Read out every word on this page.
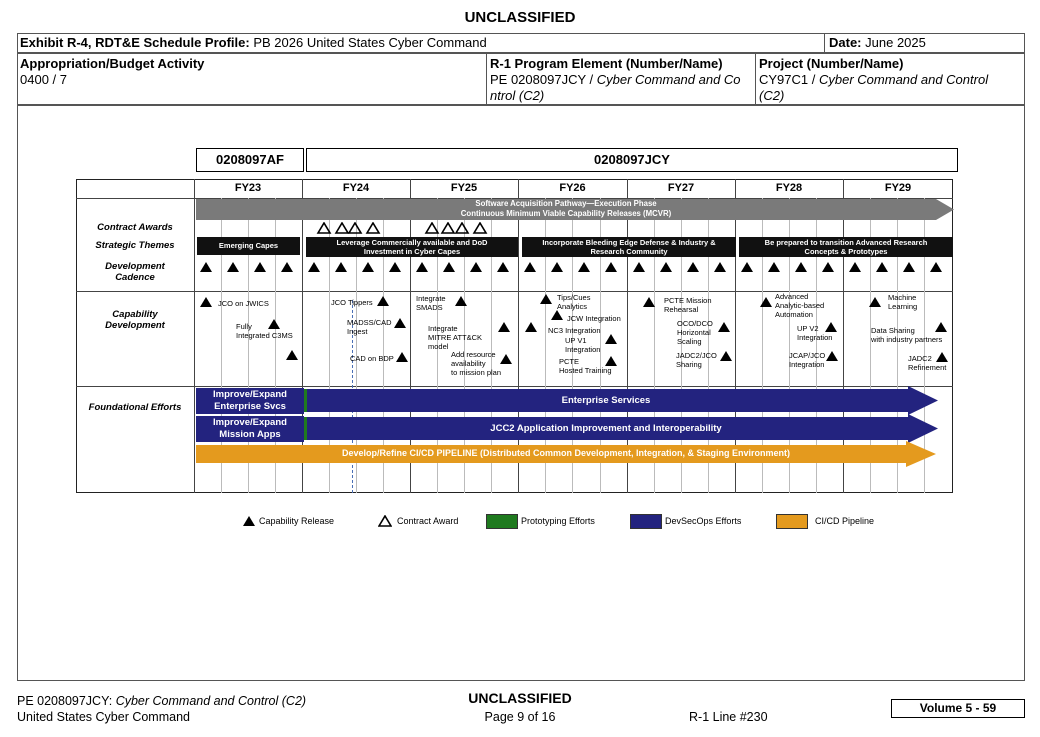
UNCLASSIFIED
Exhibit R-4, RDT&E Schedule Profile: PB 2026 United States Cyber Command	Date: June 2025
Appropriation/Budget Activity
0400 / 7
R-1 Program Element (Number/Name)
PE 0208097JCY / Cyber Command and Co
ntrol (C2)
Project (Number/Name)
CY97C1 / Cyber Command and Control
(C2)
0208097AF	0208097JCY
FY23	FY24	FY25	FY26	FY27	FY28	FY29
Contract Awards
Strategic Themes
Development Cadence
Capability Development
Foundational Efforts
Software Acquisition Pathway—Execution Phase
Continuous Minimum Viable Capability Releases (MCVR)
Emerging Capes	Leverage Commercially available and DoD
Investment in Cyber Capes
Incorporate Bleeding Edge Defense & Industry &
Research Community
Be prepared to transition Advanced Research
Concepts & Prototypes
JCO on JWICS
Fully
Integrated C3MS
JCO Tippers
MADSS/CAD
Ingest
CAD on BDP
Integrate
SMADS
Integrate
MITRE ATT&CK
model
Add resource
availability
to mission plan
Tips/Cues
Analytics
JCW Integration
NC3 Integration
UP V1
Integration
PCTE
Hosted Training
PCTE Mission
Rehearsal
OCO/DCO
Horizontal
Scaling
JADC2/JCO
Sharing
Advanced
Analytic-based
Automation
UP V2
Integration
JCAP/JCO
Integration
Machine
Learning
Data Sharing
with industry partners
JADC2
Refinement
Improve/Expand
Enterprise Svcs
Enterprise Services
Improve/Expand
Mission Apps
JCC2 Application Improvement and Interoperability
Develop/Refine CI/CD PIPELINE (Distributed Common Development, Integration, & Staging Environment)
Capability Release	Contract Award	Prototyping Efforts	DevSecOps Efforts	CI/CD Pipeline
PE 0208097JCY: Cyber Command and Control (C2)
United States Cyber Command
UNCLASSIFIED
Page 9 of 16	R-1 Line #230
Volume 5 - 59
